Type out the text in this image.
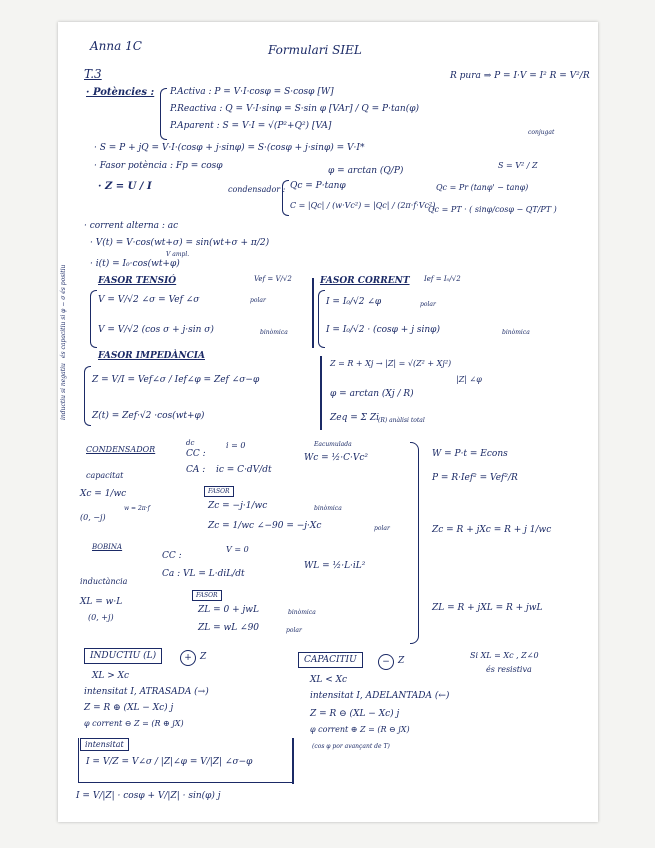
Anna 1C	Formulari SIEL
T.3	R pura ⇒ P = I·V = I² R = V²/R
· Potències : P.Activa : P = V·I·cosφ = S·cosφ [W]
P.Reactiva : Q = V·I·sinφ = S·sin φ [VAr] / Q = P·tan(φ)
P.Aparent : S = V·I = √(P²+Q²) [VA]
conjugat
· S = P + jQ = V·I·(cosφ + j·sinφ) = S·(cosφ + j·sinφ) = V·I*
· Fasor potència : Fp = cosφ	φ = arctan (Q/P)
S = V² / Z
· Z = U / I	condensador : Qc = P·tanφ
C = |Qc| / (w·Vc²) = |Qc| / (2π·f·Vc²)
Qc = Pr (tanφ' − tanφ)
Qc = PT · ( sinφ/cosφ − QT/PT )
· corrent alterna : ac
· V(t) = V·cos(wt+σ) = sin(wt+σ + π/2)
V ampl.
· i(t) = I₀·cos(wt+φ)
FASOR TENSIÓ	Vef = V/√2
V = V/√2 ∠σ = Vef ∠σ	polar
V = V/√2 (cos σ + j·sin σ)	binòmica
FASOR CORRENT Ief = I₀/√2
I = I₀/√2 ∠φ	polar
I = I₀/√2 · (cosφ + j sinφ)	binòmica
és capacitiu si φ − σ és positiu
inductiu si negatiu
FASOR IMPEDÀNCIA
Z = V/I = Vef∠σ / Ief∠φ = Zef ∠σ−φ
Z(t) = Zef·√2 ·cos(wt+φ)
Z = R + Xj → |Z| = √(Z² + Xj²)
|Z| ∠φ
φ = arctan (Xj / R)
Zeq = Σ Zi (R) anàlisi total
CONDENSADOR
dc
CC :
i = 0
CA : ic = C·dV/dt
Eacumulada
Wc = ½·C·Vc²
capacitat
Xc = 1/wc
w = 2π·f
(0, −j)
FASOR
Zc = −j·1/wc	binòmica
Zc = 1/wc ∠−90 = −j·Xc	polar
BOBINA
CC :
V = 0
Ca : VL = L·diL/dt
WL = ½·L·iL²
inductància
XL = w·L
(0, +j)
FASOR
ZL = 0 + jwL	binòmica
ZL = wL ∠90	polar
W = P·t = Econs
P = R·Ief² = Vef²/R
Zc = R + jXc = R + j 1/wc
ZL = R + jXL = R + jwL
INDUCTIU (L)	+ Z
XL > Xc
intensitat I, ATRASADA (→)
Z = R ⊕ (XL − Xc) j
φ corrent ⊖ Z = (R ⊕ jX)
CAPACITIU	− Z
XL < Xc
intensitat I, ADELANTADA (←)
Z = R ⊖ (XL − Xc) j
φ corrent ⊕ Z = (R ⊖ jX)
(cos φ por avançant de T)
Si XL = Xc , Z∠0
és resistiva
intensitat
I = V/Z = V∠σ / |Z|∠φ = V/|Z| ∠σ−φ
I = V/|Z| · cosφ + V/|Z| · sin(φ) j
